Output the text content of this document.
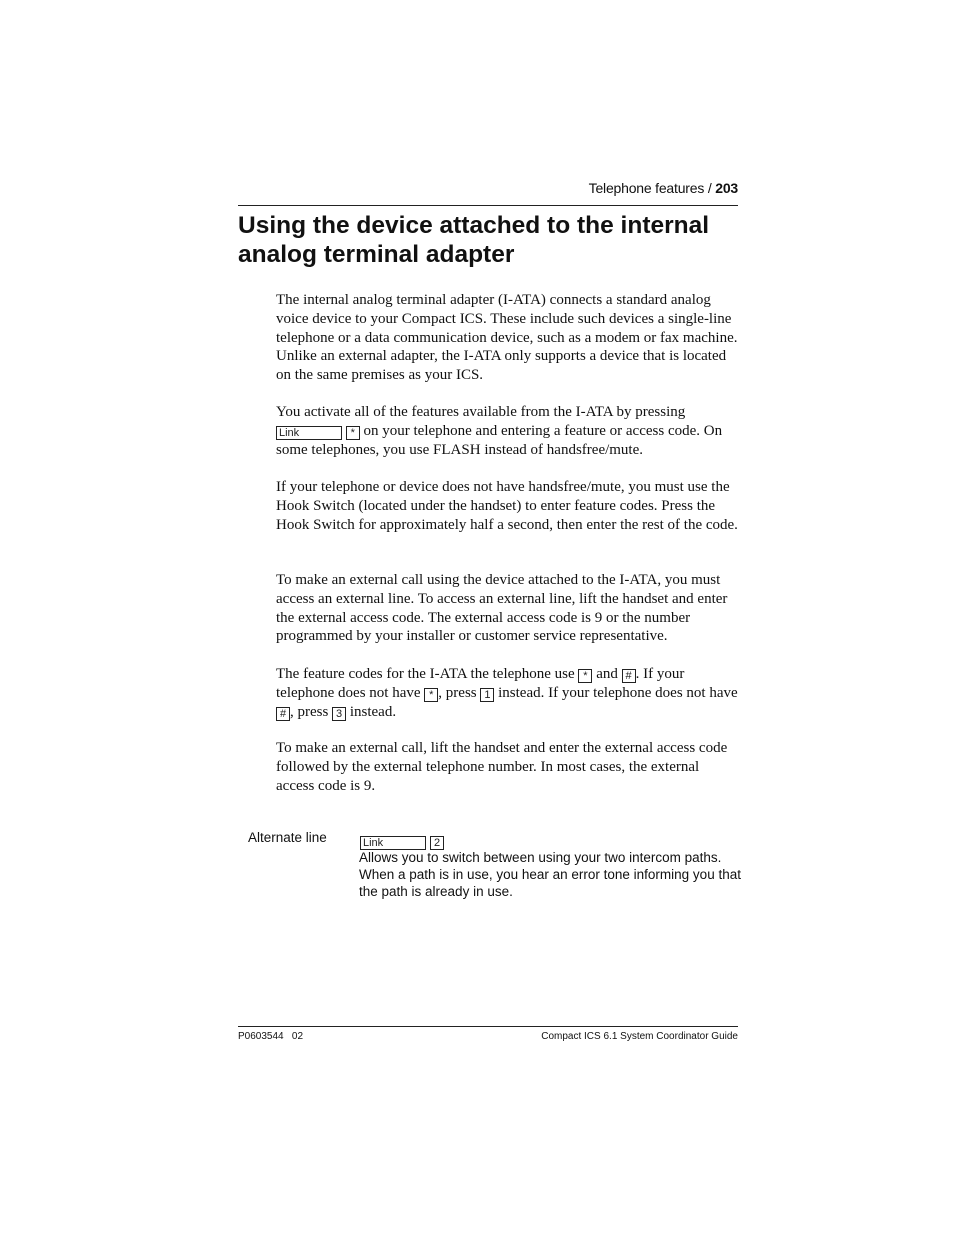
Telephone features / 203
Using the device attached to the internal
analog terminal adapter

The internal analog terminal adapter (I-ATA) connects a standard analog voice device to your Compact ICS. These include such devices a single-line telephone or a data communication device, such as a modem or fax machine. Unlike an external adapter, the I-ATA only supports a device that is located on the same premises as your ICS.

You activate all of the features available from the I-ATA by pressing
Link	* on your telephone and entering a feature or access code. On some telephones, you use FLASH instead of handsfree/mute.

If your telephone or device does not have handsfree/mute, you must use the Hook Switch (located under the handset) to enter feature codes. Press the Hook Switch for approximately half a second, then enter the rest of the code.

To make an external call using the device attached to the I-ATA, you must access an external line. To access an external line, lift the handset and enter the external access code. The external access code is 9 or the number programmed by your installer or customer service representative.

The feature codes for the I-ATA the telephone use * and # . If your telephone does not have * , press 1 instead. If your telephone does not have # , press 3 instead.

To make an external call, lift the handset and enter the external access code followed by the external telephone number. In most cases, the external access code is 9.

Alternate line	Link	2

Allows you to switch between using your two intercom paths. When a path is in use, you hear an error tone informing you that the path is already in use.

P0603544   02	Compact ICS 6.1 System Coordinator Guide
